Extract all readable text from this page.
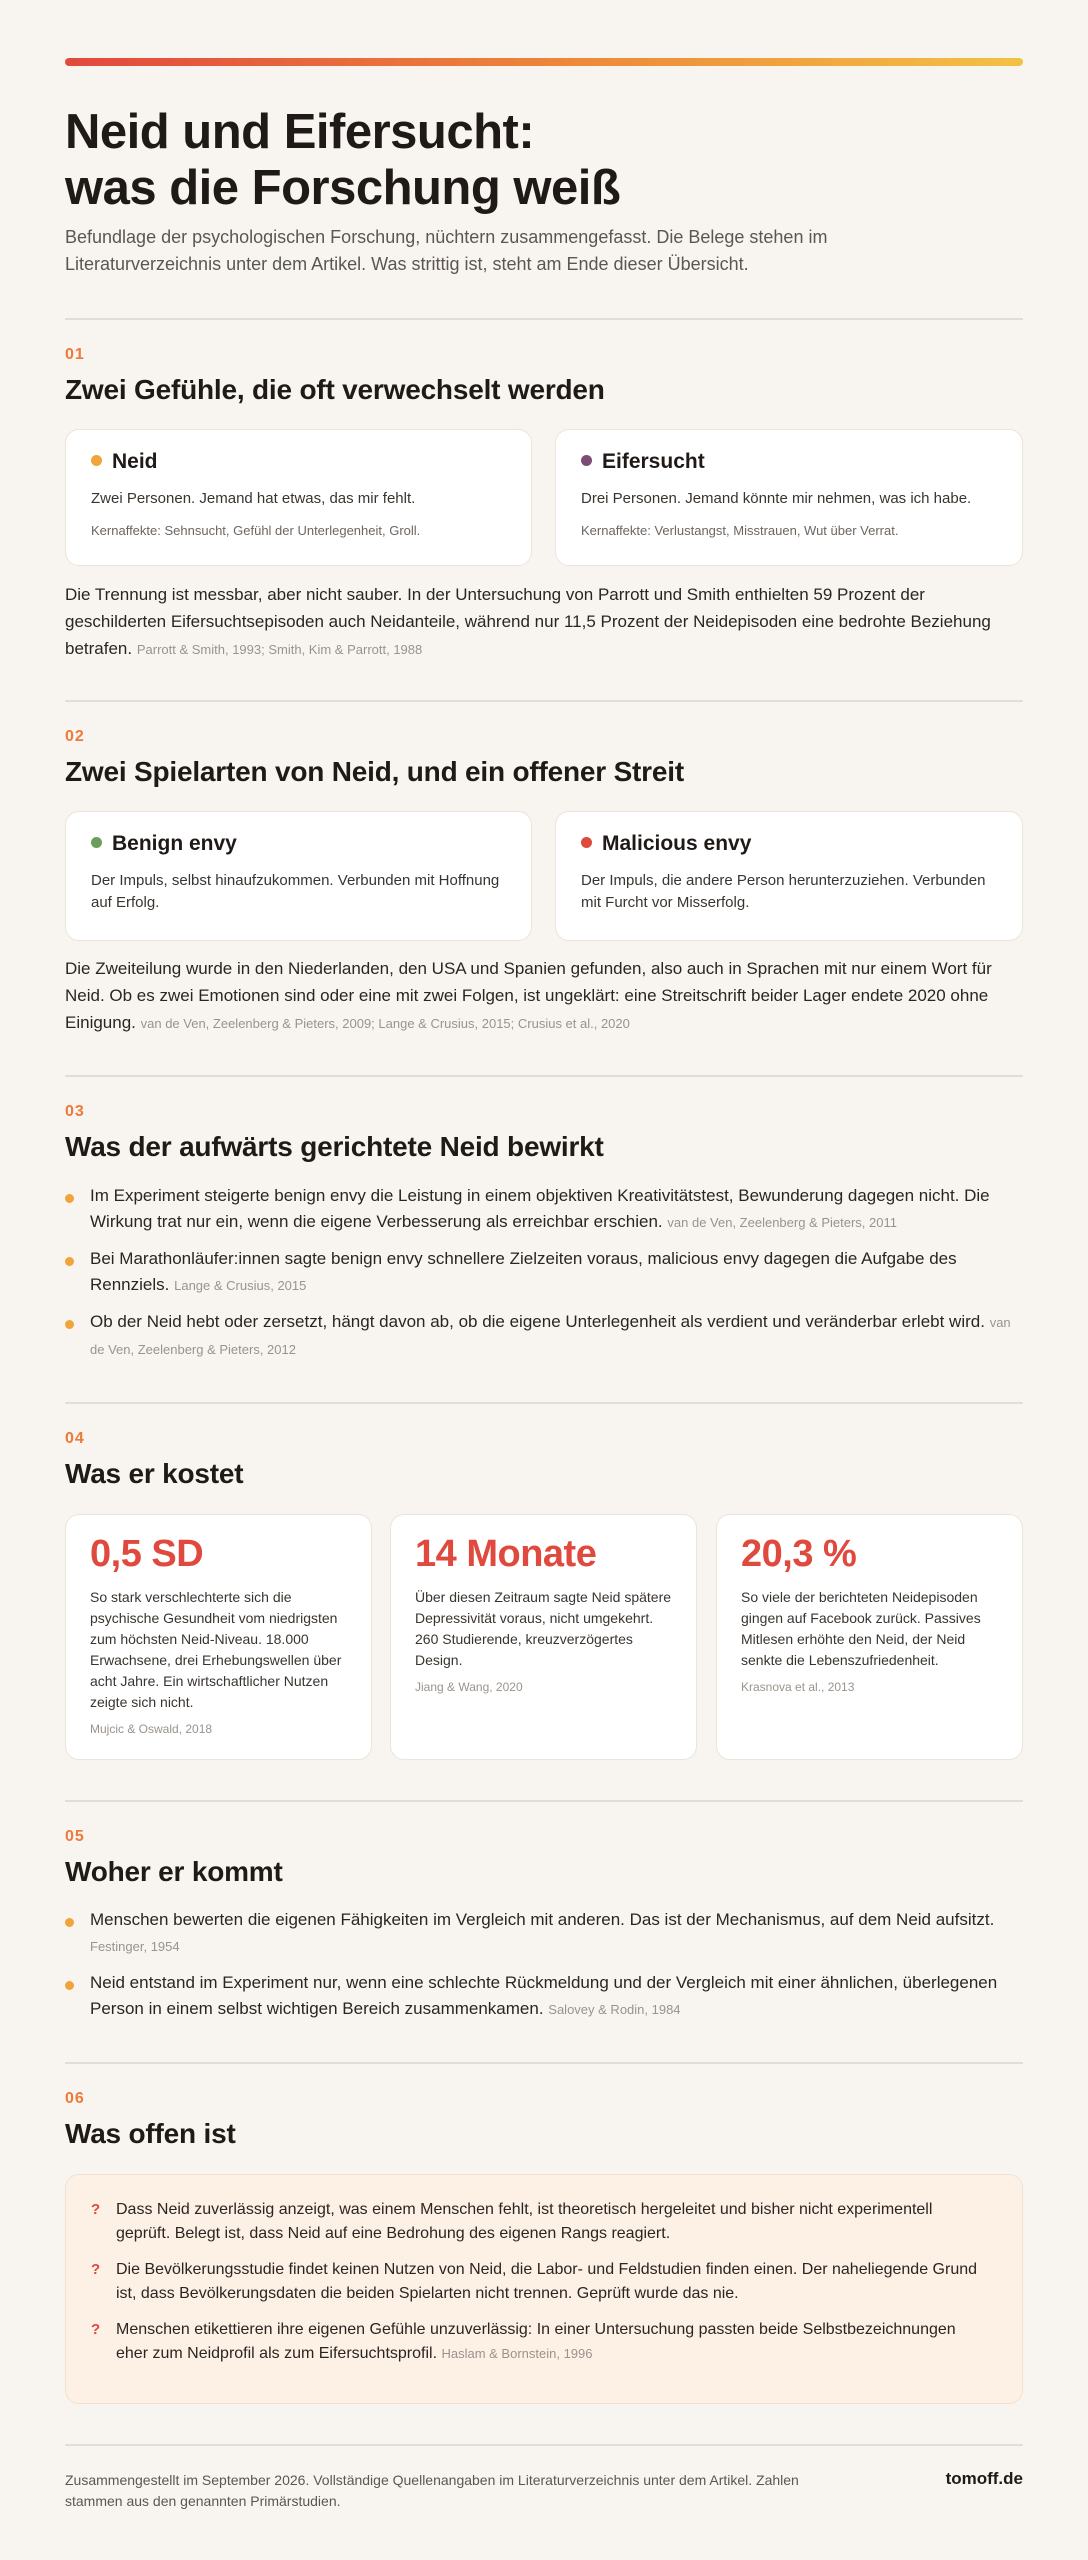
Neid und Eifersucht:
was die Forschung weiß

Befundlage der psychologischen Forschung, nüchtern zusammengefasst. Die Belege stehen im Literaturverzeichnis unter dem Artikel. Was strittig ist, steht am Ende dieser Übersicht.

01
Zwei Gefühle, die oft verwechselt werden
Neid
Zwei Personen. Jemand hat etwas, das mir fehlt.
Kernaffekte: Sehnsucht, Gefühl der Unterlegenheit, Groll.
Eifersucht
Drei Personen. Jemand könnte mir nehmen, was ich habe.
Kernaffekte: Verlustangst, Misstrauen, Wut über Verrat.

Die Trennung ist messbar, aber nicht sauber. In der Untersuchung von Parrott und Smith enthielten 59 Prozent der geschilderten Eifersuchtsepisoden auch Neidanteile, während nur 11,5 Prozent der Neidepisoden eine bedrohte Beziehung betrafen. Parrott & Smith, 1993; Smith, Kim & Parrott, 1988

02
Zwei Spielarten von Neid, und ein offener Streit
Benign envy
Der Impuls, selbst hinaufzukommen. Verbunden mit Hoffnung auf Erfolg.
Malicious envy
Der Impuls, die andere Person herunterzuziehen. Verbunden mit Furcht vor Misserfolg.

Die Zweiteilung wurde in den Niederlanden, den USA und Spanien gefunden, also auch in Sprachen mit nur einem Wort für Neid. Ob es zwei Emotionen sind oder eine mit zwei Folgen, ist ungeklärt: eine Streitschrift beider Lager endete 2020 ohne Einigung. van de Ven, Zeelenberg & Pieters, 2009; Lange & Crusius, 2015; Crusius et al., 2020

03
Was der aufwärts gerichtete Neid bewirkt
Im Experiment steigerte benign envy die Leistung in einem objektiven Kreativitätstest, Bewunderung dagegen nicht. Die Wirkung trat nur ein, wenn die eigene Verbesserung als erreichbar erschien. van de Ven, Zeelenberg & Pieters, 2011
Bei Marathonläufer:innen sagte benign envy schnellere Zielzeiten voraus, malicious envy dagegen die Aufgabe des Rennziels. Lange & Crusius, 2015
Ob der Neid hebt oder zersetzt, hängt davon ab, ob die eigene Unterlegenheit als verdient und veränderbar erlebt wird. van de Ven, Zeelenberg & Pieters, 2012
04
Was er kostet
0,5 SD
So stark verschlechterte sich die psychische Gesundheit vom niedrigsten zum höchsten Neid-Niveau. 18.000 Erwachsene, drei Erhebungswellen über acht Jahre. Ein wirtschaftlicher Nutzen zeigte sich nicht.
Mujcic & Oswald, 2018
14 Monate
Über diesen Zeitraum sagte Neid spätere Depressivität voraus, nicht umgekehrt. 260 Studierende, kreuzverzögertes Design.
Jiang & Wang, 2020
20,3 %
So viele der berichteten Neidepisoden gingen auf Facebook zurück. Passives Mitlesen erhöhte den Neid, der Neid senkte die Lebenszufriedenheit.
Krasnova et al., 2013
05
Woher er kommt
Menschen bewerten die eigenen Fähigkeiten im Vergleich mit anderen. Das ist der Mechanismus, auf dem Neid aufsitzt. Festinger, 1954
Neid entstand im Experiment nur, wenn eine schlechte Rückmeldung und der Vergleich mit einer ähnlichen, überlegenen Person in einem selbst wichtigen Bereich zusammenkamen. Salovey & Rodin, 1984
06
Was offen ist
? Dass Neid zuverlässig anzeigt, was einem Menschen fehlt, ist theoretisch hergeleitet und bisher nicht experimentell geprüft. Belegt ist, dass Neid auf eine Bedrohung des eigenen Rangs reagiert.
? Die Bevölkerungsstudie findet keinen Nutzen von Neid, die Labor- und Feldstudien finden einen. Der naheliegende Grund ist, dass Bevölkerungsdaten die beiden Spielarten nicht trennen. Geprüft wurde das nie.
? Menschen etikettieren ihre eigenen Gefühle unzuverlässig: In einer Untersuchung passten beide Selbstbezeichnungen eher zum Neidprofil als zum Eifersuchtsprofil. Haslam & Bornstein, 1996

Zusammengestellt im September 2026. Vollständige Quellenangaben im Literaturverzeichnis unter dem Artikel. Zahlen stammen aus den genannten Primärstudien.

tomoff.de
